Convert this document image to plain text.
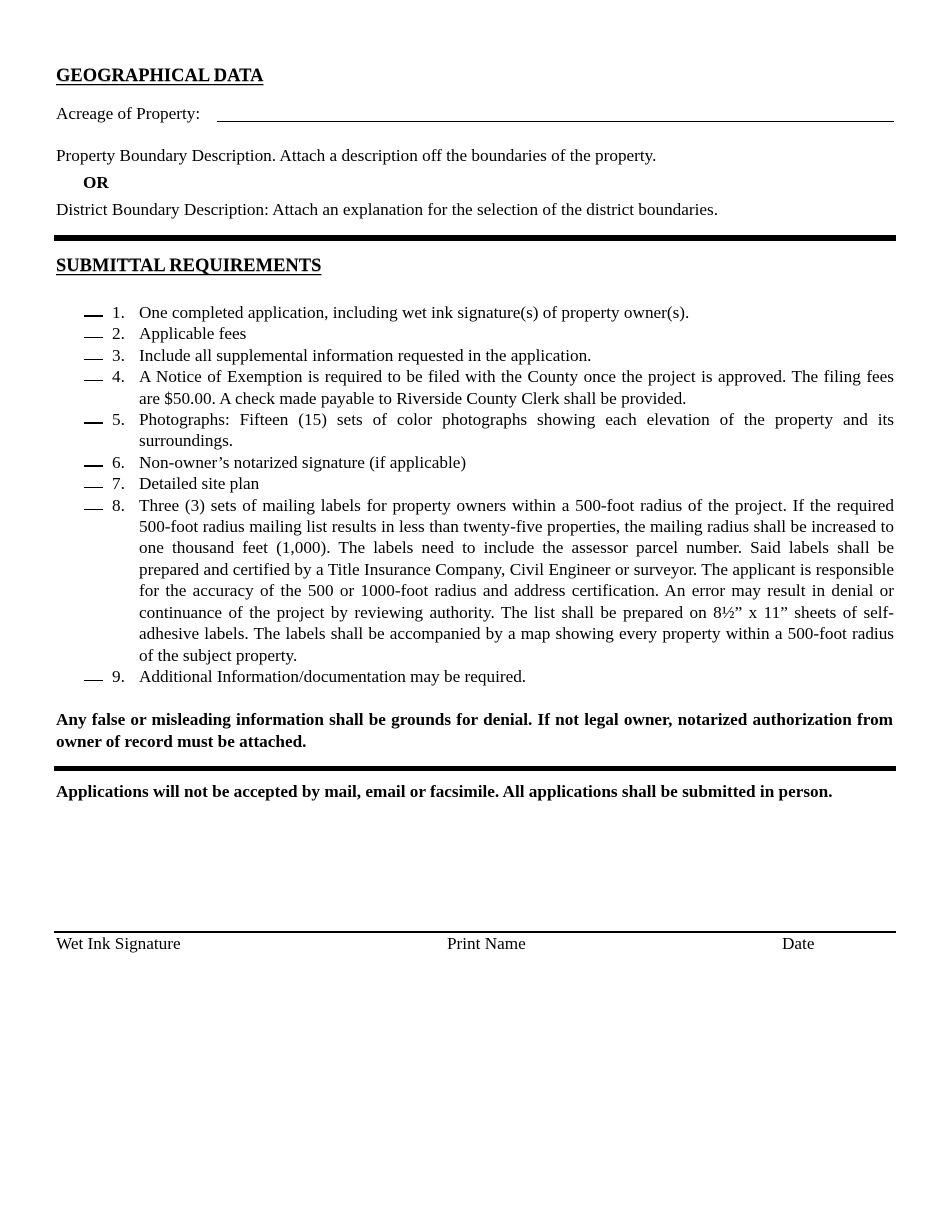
GEOGRAPHICAL DATA
Acreage of Property:
Property Boundary Description. Attach a description off the boundaries of the property.
OR
District Boundary Description: Attach an explanation for the selection of the district boundaries.
SUBMITTAL REQUIREMENTS
1. One completed application, including wet ink signature(s) of property owner(s).
2. Applicable fees
3. Include all supplemental information requested in the application.
4. A Notice of Exemption is required to be filed with the County once the project is approved. The filing fees are $50.00. A check made payable to Riverside County Clerk shall be provided.
5. Photographs: Fifteen (15) sets of color photographs showing each elevation of the property and its surroundings.
6. Non-owner’s notarized signature (if applicable)
7. Detailed site plan
8. Three (3) sets of mailing labels for property owners within a 500-foot radius of the project. If the required 500-foot radius mailing list results in less than twenty-five properties, the mailing radius shall be increased to one thousand feet (1,000). The labels need to include the assessor parcel number. Said labels shall be prepared and certified by a Title Insurance Company, Civil Engineer or surveyor. The applicant is responsible for the accuracy of the 500 or 1000-foot radius and address certification. An error may result in denial or continuance of the project by reviewing authority. The list shall be prepared on 8½” x 11” sheets of self-adhesive labels. The labels shall be accompanied by a map showing every property within a 500-foot radius of the subject property.
9. Additional Information/documentation may be required.
Any false or misleading information shall be grounds for denial. If not legal owner, notarized authorization from owner of record must be attached.
Applications will not be accepted by mail, email or facsimile. All applications shall be submitted in person.
Wet Ink Signature	Print Name	Date
